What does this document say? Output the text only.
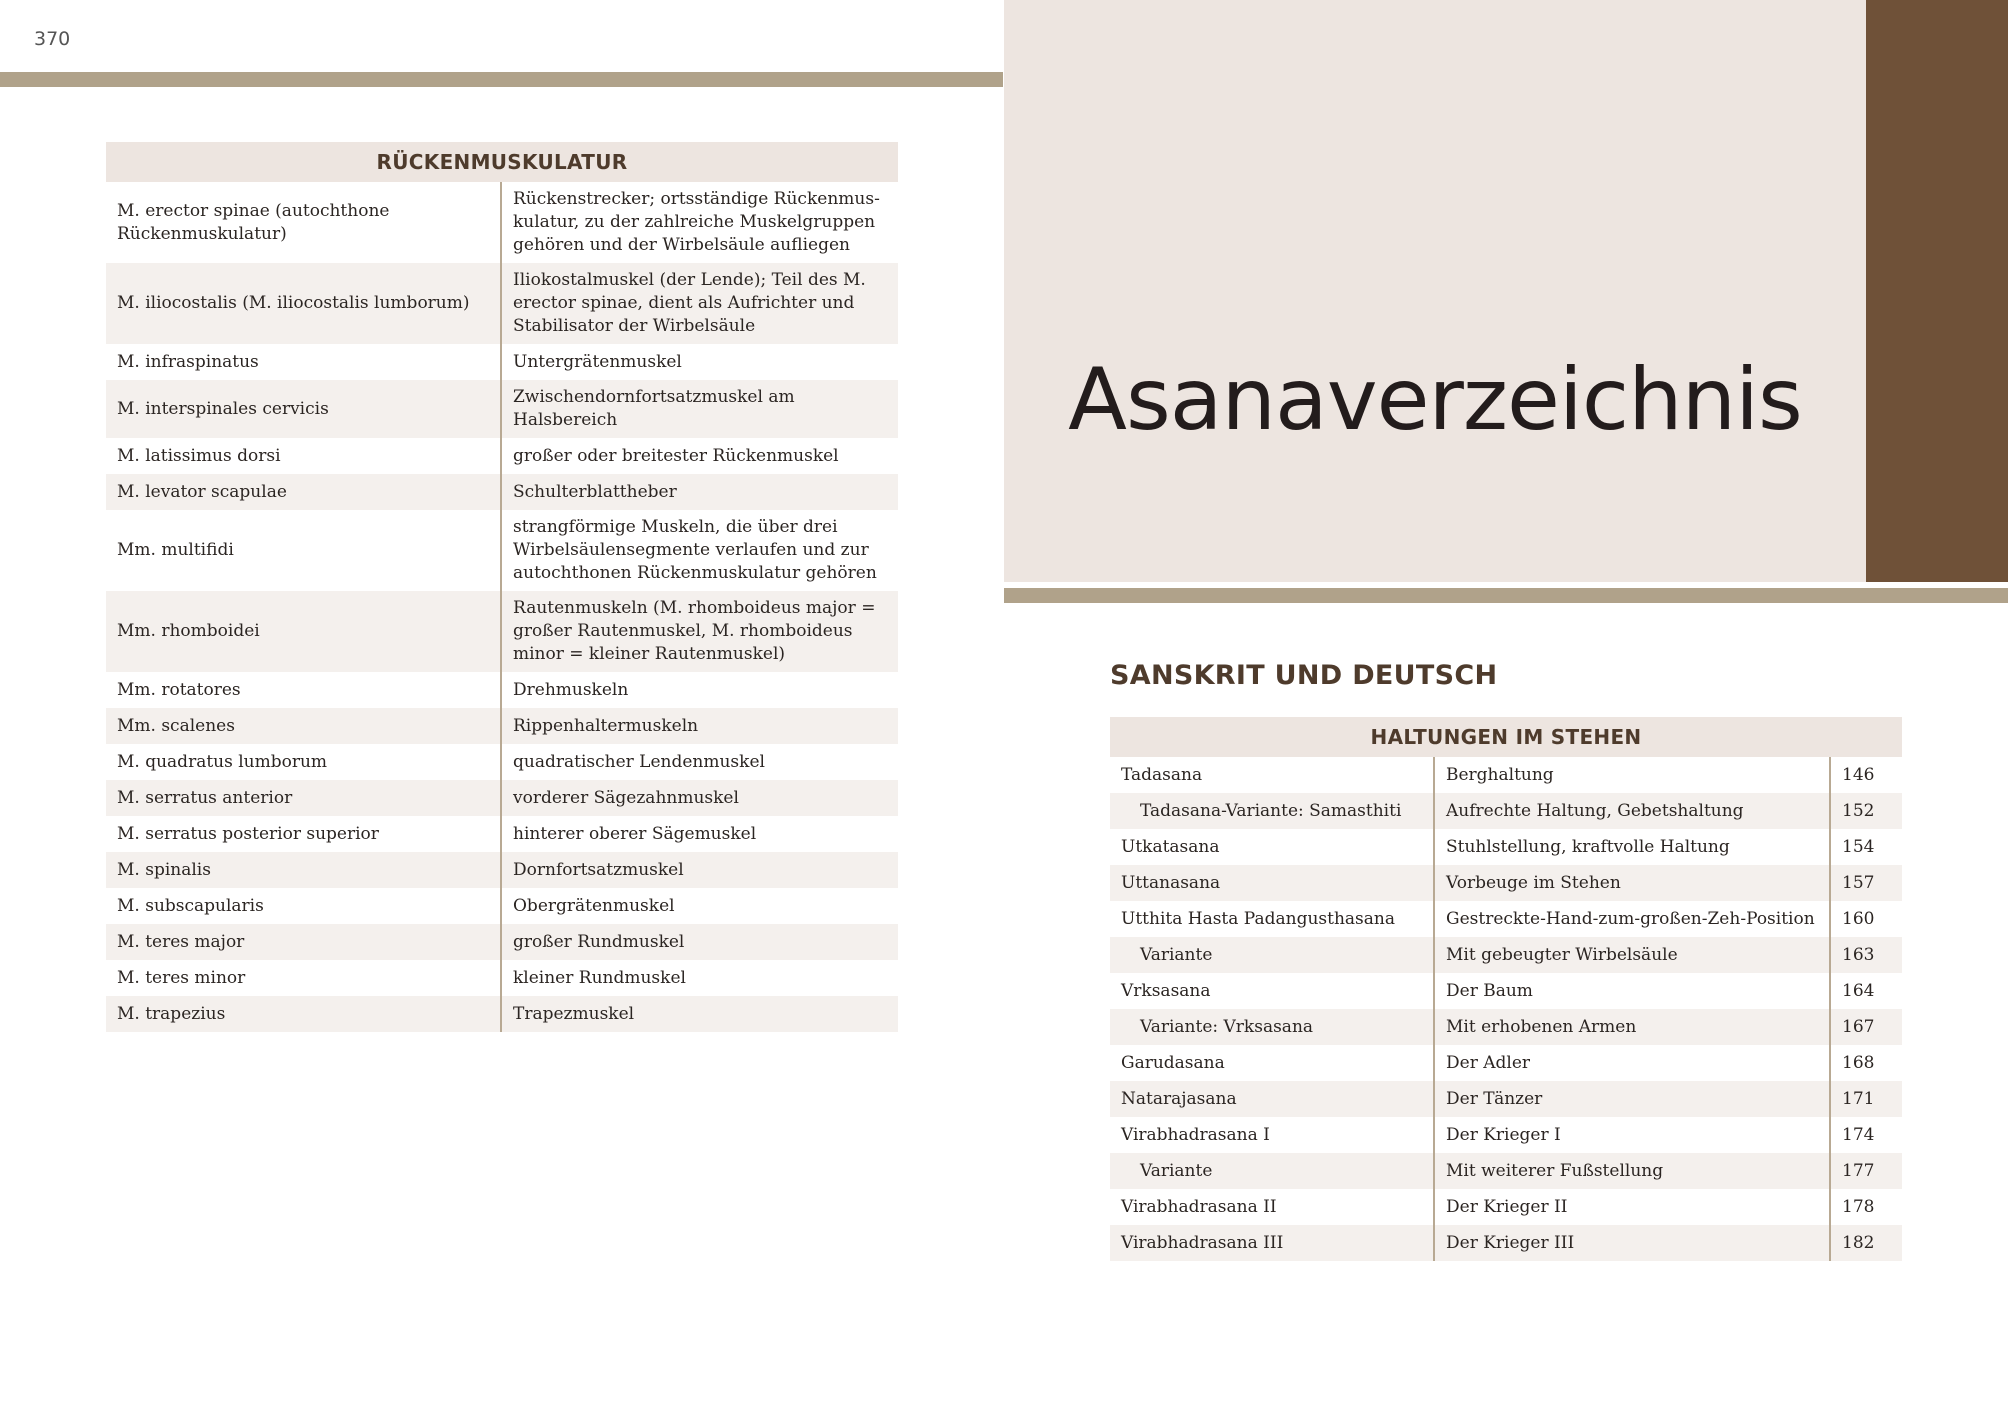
370
Asanaverzeichnis
RÜCKENMUSKULATUR	
M. erector spinae (autochthone Rückenmuskulatur)	Rückenstrecker; ortsständige Rückenmuskulatur, zu der zahlreiche Muskelgruppen gehören und der Wirbelsäule aufliegen
M. iliocostalis (M. iliocostalis lumborum)	Iliokostalmuskel (der Lende); Teil des M. erector spinae, dient als Aufrichter und Stabilisator der Wirbelsäule
M. infraspinatus	Untergrätenmuskel
M. interspinales cervicis	Zwischendornfortsatzmuskel am Halsbereich
M. latissimus dorsi	großer oder breitester Rückenmuskel
M. levator scapulae	Schulterblattheber
Mm. multifidi	strangförmige Muskeln, die über drei Wirbelsäulensegmente verlaufen und zur autochthonen Rückenmuskulatur gehören
Mm. rhomboidei	Rautenmuskeln (M. rhomboideus major = großer Rautenmuskel, M. rhomboideus minor = kleiner Rautenmuskel)
Mm. rotatores	Drehmuskeln
Mm. scalenes	Rippenhaltermuskeln
M. quadratus lumborum	quadratischer Lendenmuskel
M. serratus anterior	vorderer Sägezahnmuskel
M. serratus posterior superior	hinterer oberer Sägemuskel
M. spinalis	Dornfortsatzmuskel
M. subscapularis	Obergrätenmuskel
M. teres major	großer Rundmuskel
M. teres minor	kleiner Rundmuskel
M. trapezius	Trapezmuskel
SANSKRIT UND DEUTSCH
HALTUNGEN IM STEHEN		
Tadasana	Berghaltung	146
Tadasana-Variante: Samasthiti	Aufrechte Haltung, Gebetshaltung	152
Utkatasana	Stuhlstellung, kraftvolle Haltung	154
Uttanasana	Vorbeuge im Stehen	157
Utthita Hasta Padangusthasana	Gestreckte-Hand-zum-großen-Zeh-Position	160
Variante	Mit gebeugter Wirbelsäule	163
Vrksasana	Der Baum	164
Variante: Vrksasana	Mit erhobenen Armen	167
Garudasana	Der Adler	168
Natarajasana	Der Tänzer	171
Virabhadrasana I	Der Krieger I	174
Variante	Mit weiterer Fußstellung	177
Virabhadrasana II	Der Krieger II	178
Virabhadrasana III	Der Krieger III	182
